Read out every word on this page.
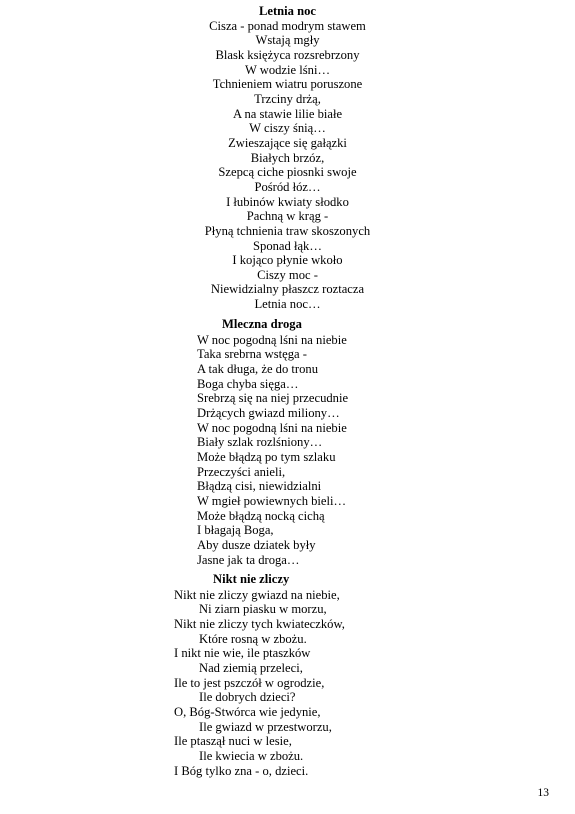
Letnia noc
Cisza - ponad modrym stawem
Wstają mgły
Blask księżyca rozsrebrzony
W wodzie lśni…
Tchnieniem wiatru poruszone
Trzciny drżą,
A na stawie lilie białe
W ciszy śnią…
Zwieszające się gałązki
Białych brzóz,
Szepcą ciche piosnki swoje
Pośród łóz…
I łubinów kwiaty słodko
Pachną w krąg -
Płyną tchnienia traw skoszonych
Sponad łąk…
I kojąco płynie wkoło
Ciszy moc -
Niewidzialny płaszcz roztacza
Letnia noc…
Mleczna droga
W noc pogodną lśni na niebie
Taka srebrna wstęga -
A tak długa, że do tronu
Boga chyba sięga…
Srebrzą się na niej przecudnie
Drżących gwiazd miliony…
W noc pogodną lśni na niebie
Biały szlak rozlśniony…
Może błądzą po tym szlaku
Przeczyści anieli,
Błądzą cisi, niewidzialni
W mgieł powiewnych bieli…
Może błądzą nocką cichą
I błagają Boga,
Aby dusze dziatek były
Jasne jak ta droga…
Nikt nie zliczy
Nikt nie zliczy gwiazd na niebie,
Ni ziarn piasku w morzu,
Nikt nie zliczy tych kwiateczków,
Które rosną w zbożu.
I nikt nie wie, ile ptaszków
Nad ziemią przeleci,
Ile to jest pszczół w ogrodzie,
Ile dobrych dzieci?
O, Bóg-Stwórca wie jedynie,
Ile gwiazd w przestworzu,
Ile ptaszął nuci w lesie,
Ile kwiecia w zbożu.
I Bóg tylko zna - o, dzieci.
13
